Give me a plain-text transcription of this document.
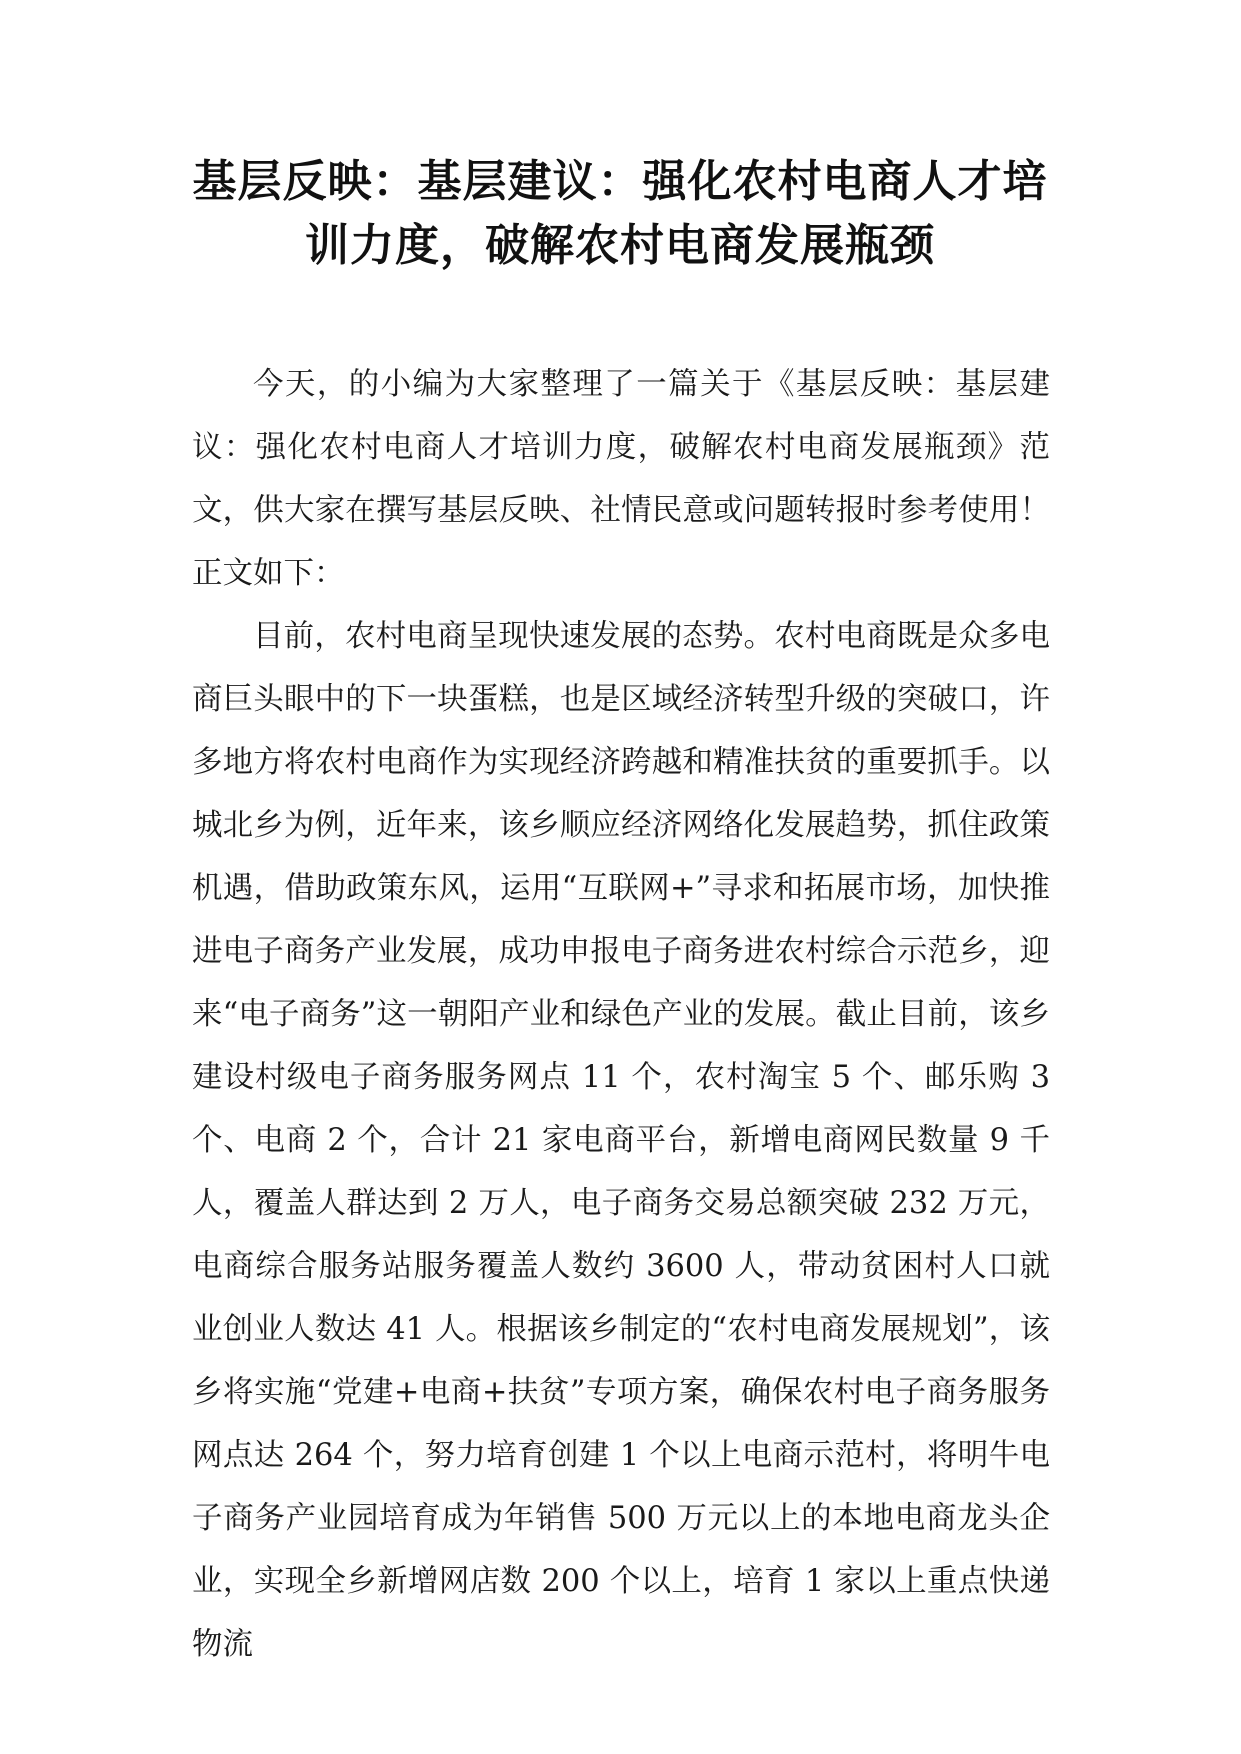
基层反映：基层建议：强化农村电商人才培
训力度，破解农村电商发展瓶颈

今天，的小编为大家整理了一篇关于《基层反映：基层建议：强化农村电商人才培训力度，破解农村电商发展瓶颈》范文，供大家在撰写基层反映、社情民意或问题转报时参考使用！正文如下：

目前，农村电商呈现快速发展的态势。农村电商既是众多电商巨头眼中的下一块蛋糕，也是区域经济转型升级的突破口，许多地方将农村电商作为实现经济跨越和精准扶贫的重要抓手。以城北乡为例，近年来，该乡顺应经济网络化发展趋势，抓住政策机遇，借助政策东风，运用“互联网+”寻求和拓展市场，加快推进电子商务产业发展，成功申报电子商务进农村综合示范乡，迎来“电子商务”这一朝阳产业和绿色产业的发展。截止目前，该乡建设村级电子商务服务网点 11 个，农村淘宝 5 个、邮乐购 3 个、电商 2 个，合计 21 家电商平台，新增电商网民数量 9 千人，覆盖人群达到 2 万人，电子商务交易总额突破 232 万元，电商综合服务站服务覆盖人数约 3600 人，带动贫困村人口就业创业人数达 41 人。根据该乡制定的“农村电商发展规划”，该乡将实施“党建+电商+扶贫”专项方案，确保农村电子商务服务网点达 264 个，努力培育创建 1 个以上电商示范村，将明牛电子商务产业园培育成为年销售 500 万元以上的本地电商龙头企业，实现全乡新增网店数 200 个以上，培育 1 家以上重点快递物流
